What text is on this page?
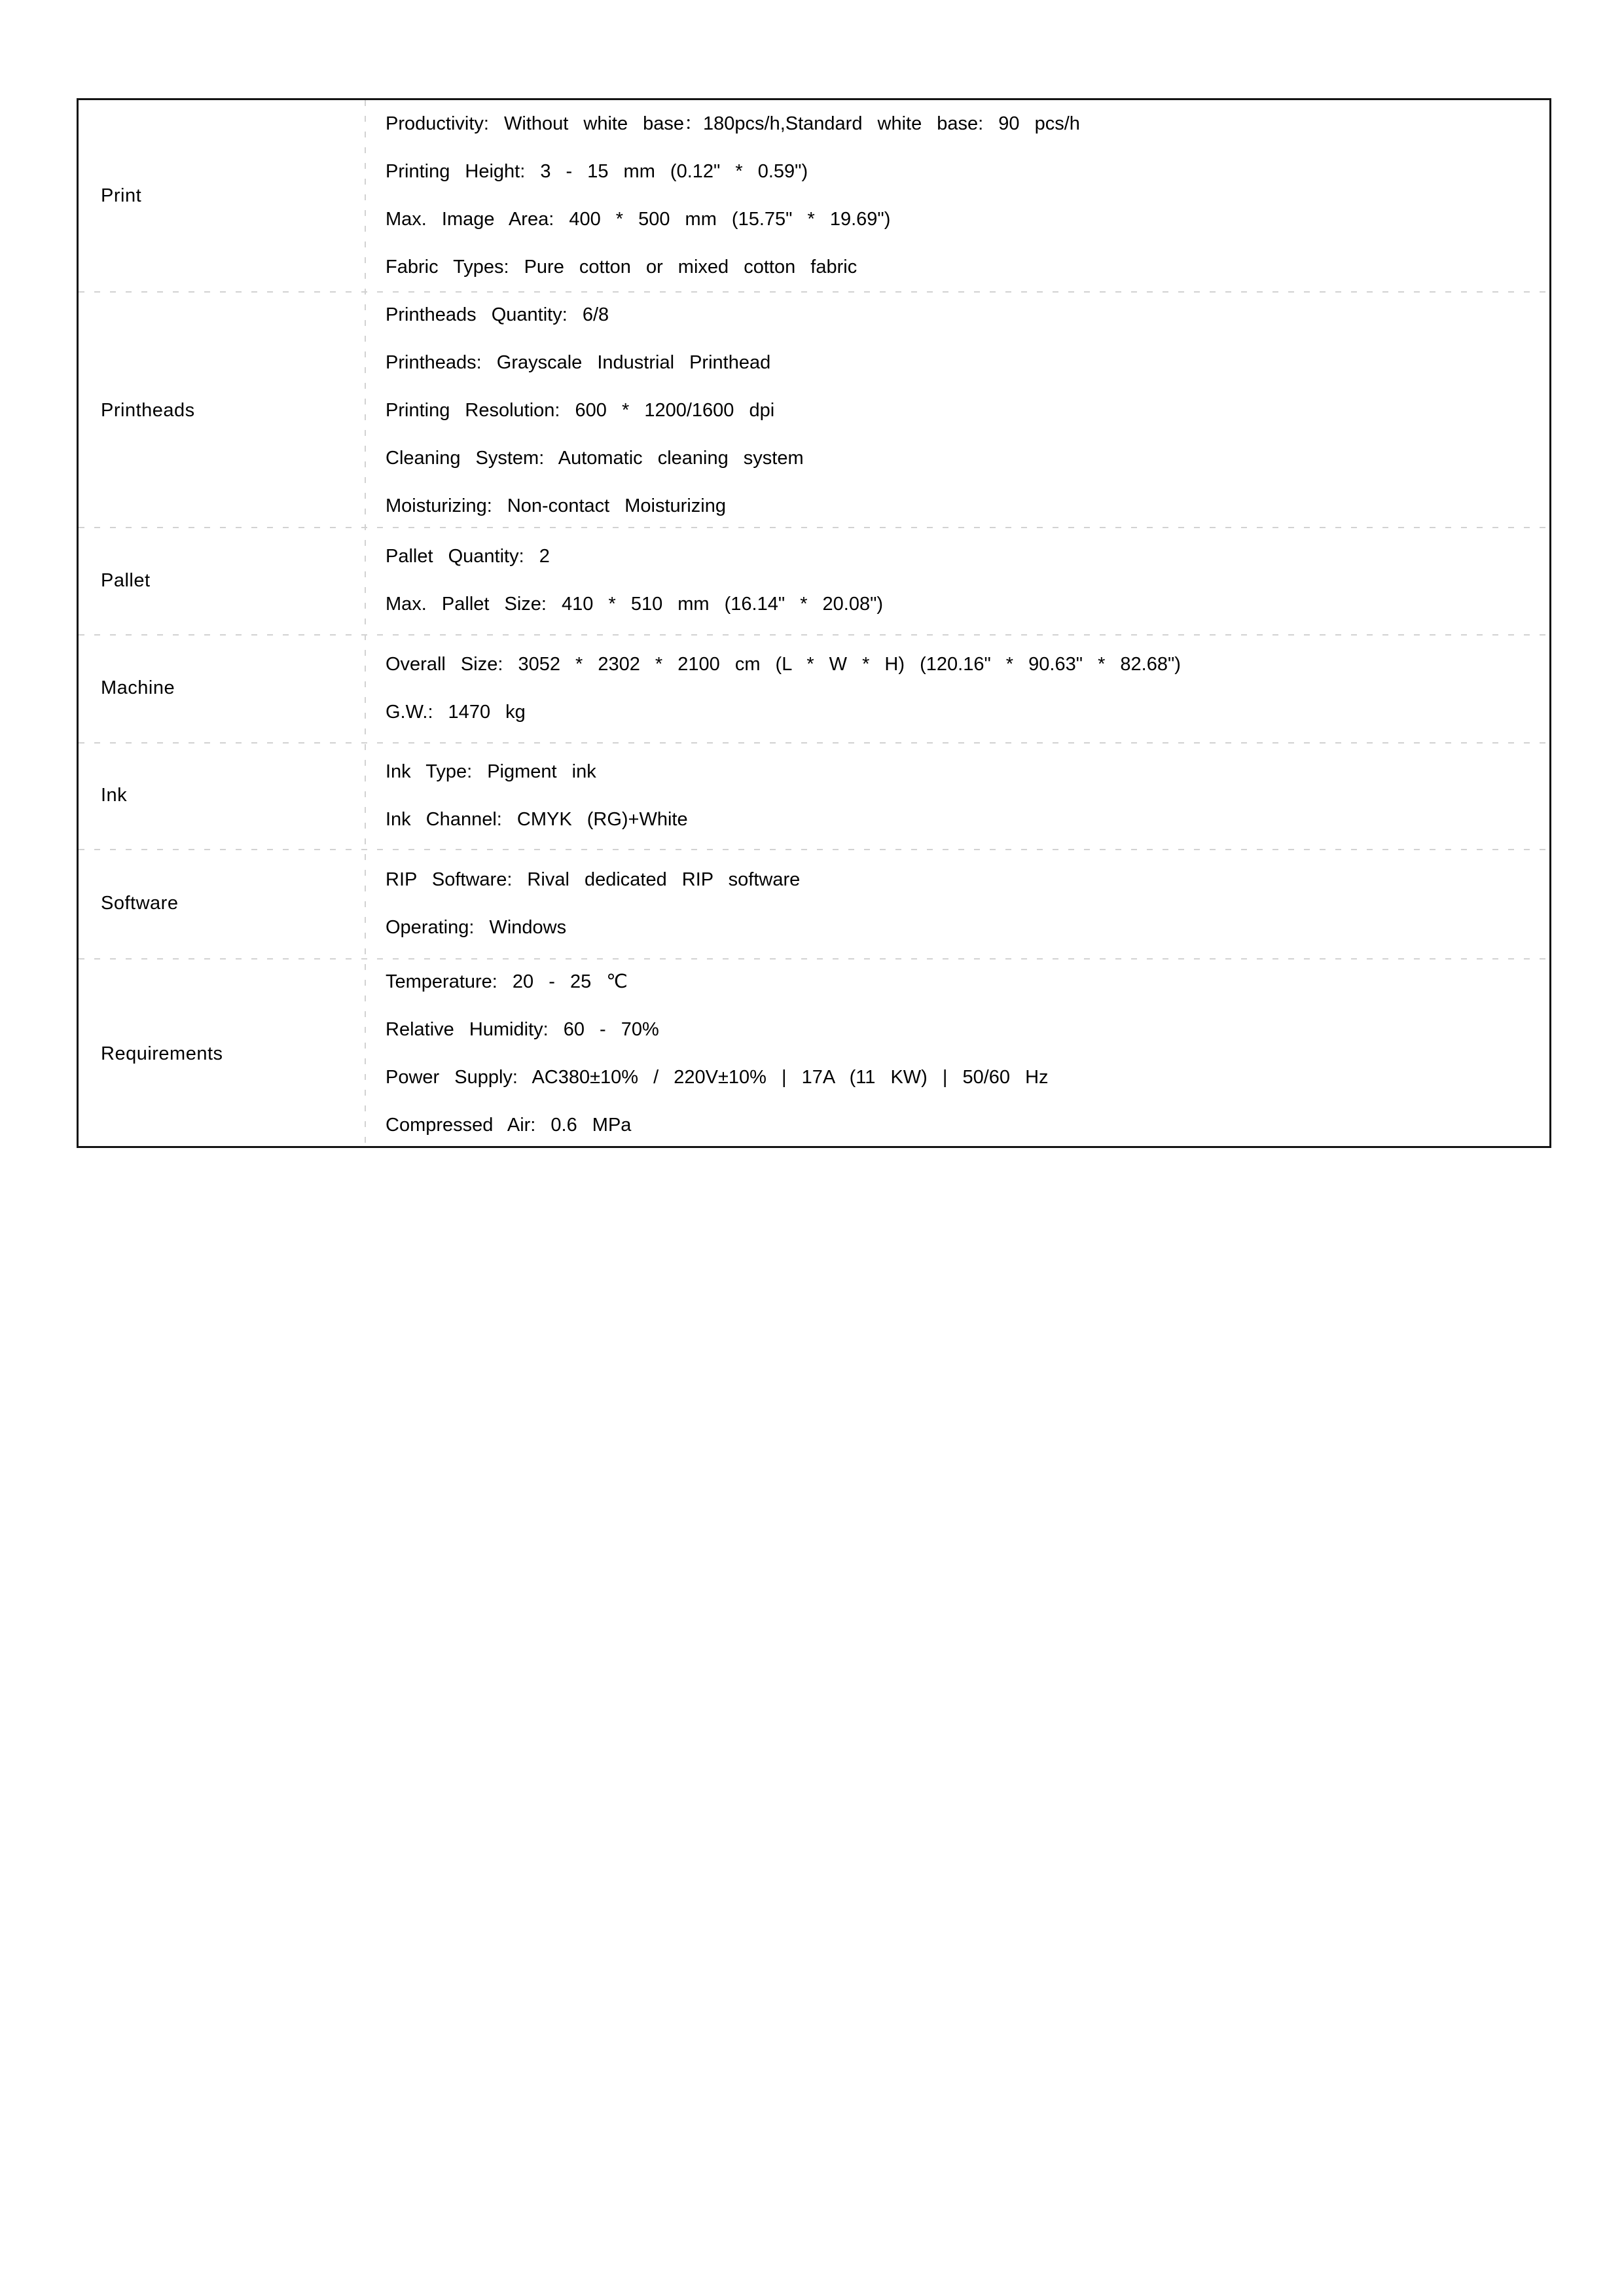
Print
Productivity: Without white base：180pcs/h,Standard white base: 90 pcs/h
Printing Height: 3 - 15 mm (0.12" * 0.59")
Max. Image Area: 400 * 500 mm (15.75" * 19.69")
Fabric Types: Pure cotton or mixed cotton fabric
Printheads
Printheads Quantity: 6/8
Printheads: Grayscale Industrial Printhead
Printing Resolution: 600 * 1200/1600 dpi
Cleaning System: Automatic cleaning system
Moisturizing: Non-contact Moisturizing
Pallet
Pallet Quantity: 2
Max. Pallet Size: 410 * 510 mm (16.14" * 20.08")
Machine
Overall Size: 3052 * 2302 * 2100 cm (L * W * H) (120.16" * 90.63" * 82.68")
G.W.: 1470 kg
Ink
Ink Type: Pigment ink
Ink Channel: CMYK (RG)+White
Software
RIP Software: Rival dedicated RIP software
Operating: Windows
Requirements
Temperature: 20 - 25 ℃
Relative Humidity: 60 - 70%
Power Supply: AC380±10% / 220V±10% | 17A (11 KW) | 50/60 Hz
Compressed Air: 0.6 MPa
